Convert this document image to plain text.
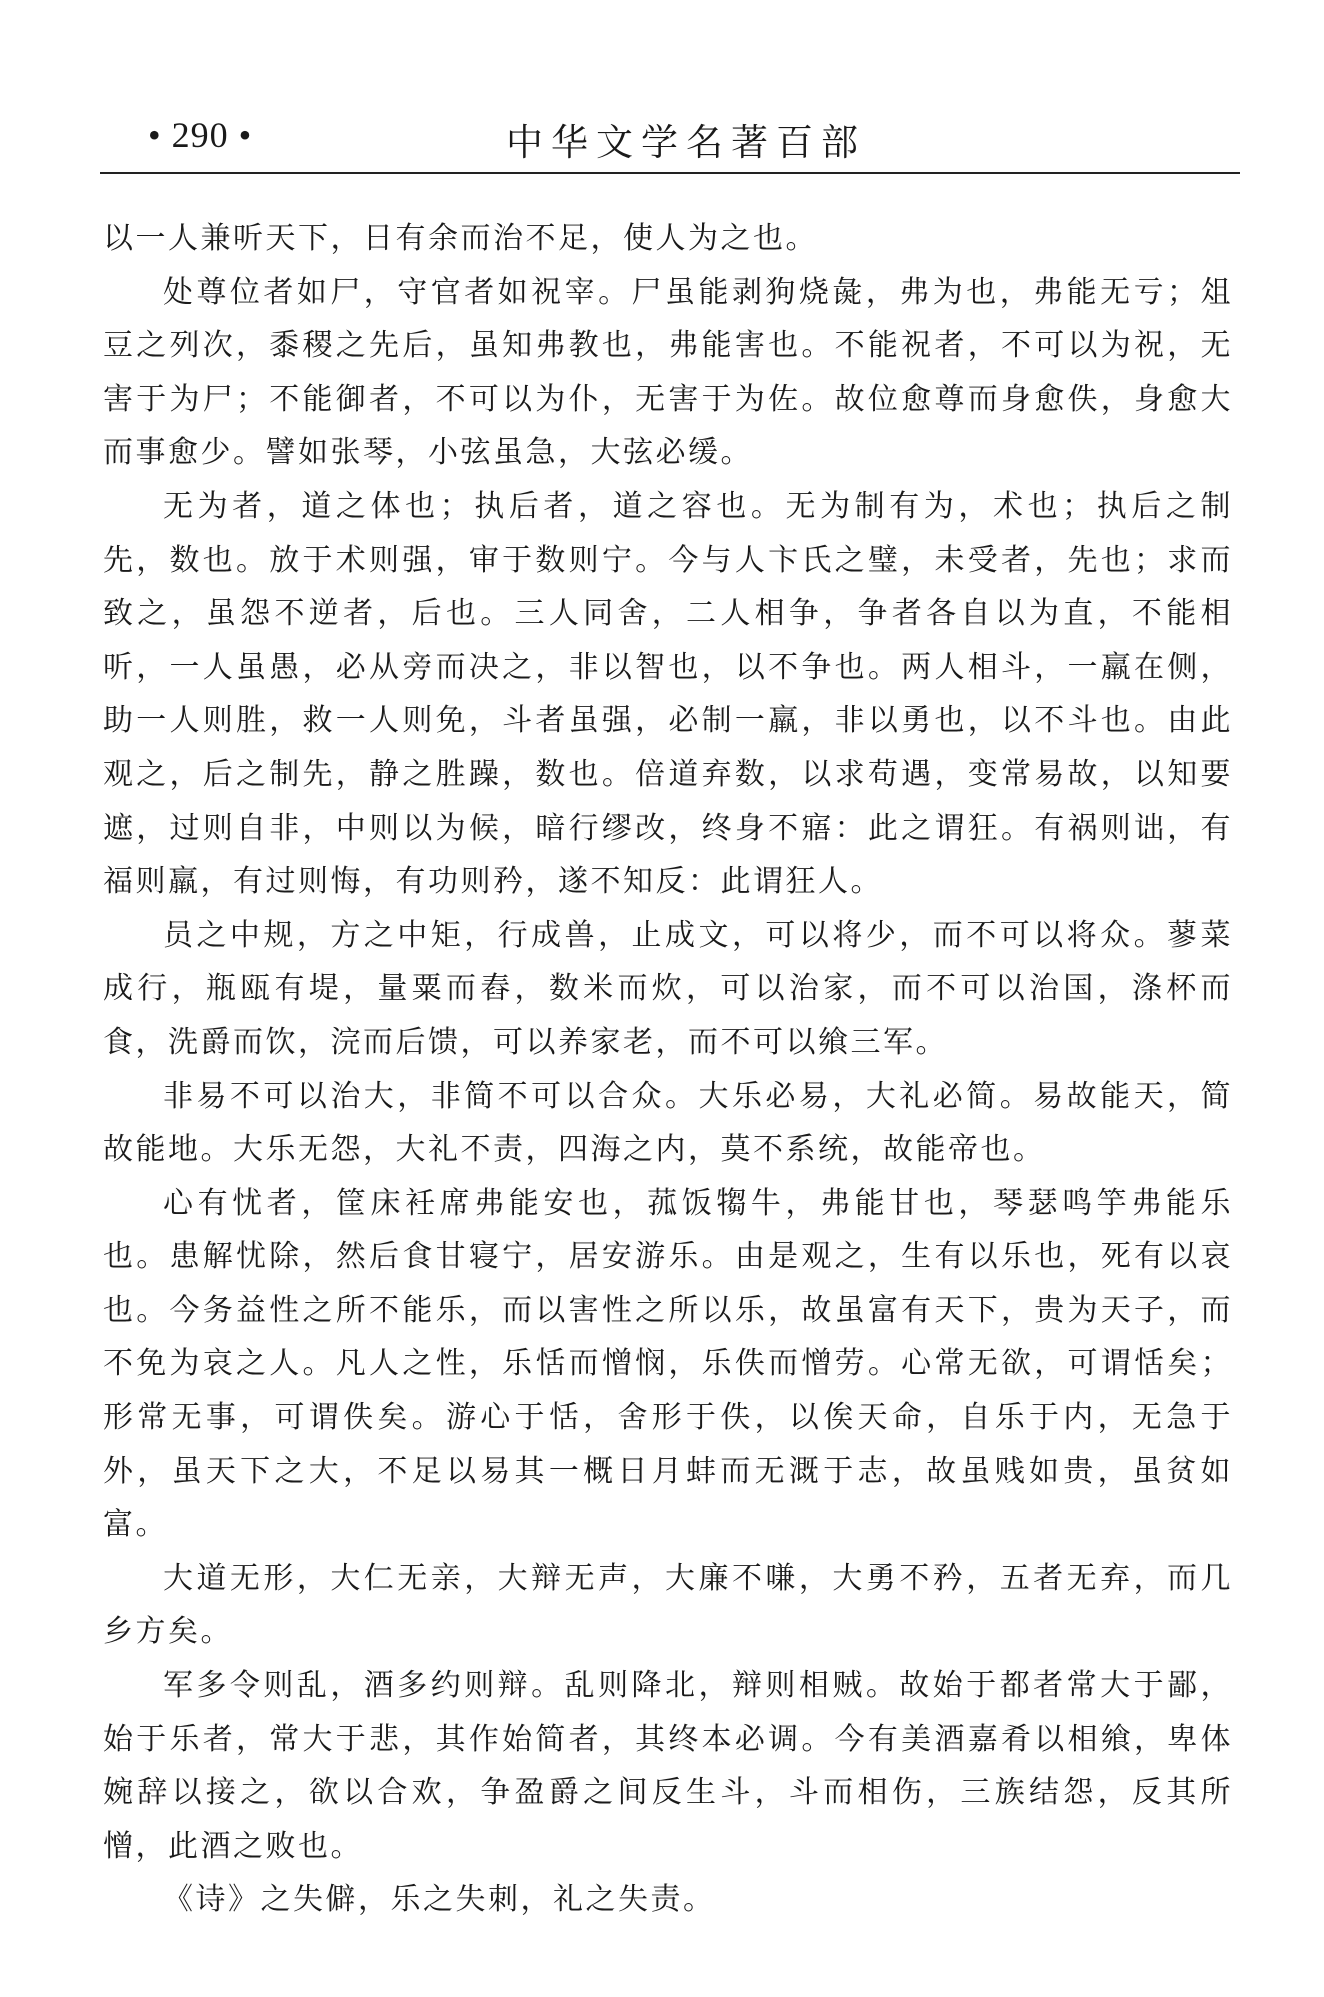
• 290 •	中华文学名著百部

以一人兼听天下，日有余而治不足，使人为之也。

处尊位者如尸，守官者如祝宰。尸虽能剥狗烧彘，弗为也，弗能无亏；俎豆之列次，黍稷之先后，虽知弗教也，弗能害也。不能祝者，不可以为祝，无害于为尸；不能御者，不可以为仆，无害于为佐。故位愈尊而身愈佚，身愈大而事愈少。譬如张琴，小弦虽急，大弦必缓。

无为者，道之体也；执后者，道之容也。无为制有为，术也；执后之制先，数也。放于术则强，审于数则宁。今与人卞氏之璧，未受者，先也；求而致之，虽怨不逆者，后也。三人同舍，二人相争，争者各自以为直，不能相听，一人虽愚，必从旁而决之，非以智也，以不争也。两人相斗，一羸在侧，助一人则胜，救一人则免，斗者虽强，必制一羸，非以勇也，以不斗也。由此观之，后之制先，静之胜躁，数也。倍道弃数，以求苟遇，变常易故，以知要遮，过则自非，中则以为候，暗行缪改，终身不寤：此之谓狂。有祸则诎，有福则羸，有过则悔，有功则矜，遂不知反：此谓狂人。

员之中规，方之中矩，行成兽，止成文，可以将少，而不可以将众。蓼菜成行，瓶瓯有堤，量粟而舂，数米而炊，可以治家，而不可以治国，涤杯而食，洗爵而饮，浣而后馈，可以养家老，而不可以飨三军。

非易不可以治大，非简不可以合众。大乐必易，大礼必简。易故能天，简故能地。大乐无怨，大礼不责，四海之内，莫不系统，故能帝也。

心有忧者，筐床衽席弗能安也，菰饭犓牛，弗能甘也，琴瑟鸣竽弗能乐也。患解忧除，然后食甘寝宁，居安游乐。由是观之，生有以乐也，死有以哀也。今务益性之所不能乐，而以害性之所以乐，故虽富有天下，贵为天子，而不免为哀之人。凡人之性，乐恬而憎悯，乐佚而憎劳。心常无欲，可谓恬矣；形常无事，可谓佚矣。游心于恬，舍形于佚，以俟天命，自乐于内，无急于外，虽天下之大，不足以易其一概日月蚌而无溉于志，故虽贱如贵，虽贫如富。

大道无形，大仁无亲，大辩无声，大廉不嗛，大勇不矜，五者无弃，而几乡方矣。

军多令则乱，酒多约则辩。乱则降北，辩则相贼。故始于都者常大于鄙，始于乐者，常大于悲，其作始简者，其终本必调。今有美酒嘉肴以相飨，卑体婉辞以接之，欲以合欢，争盈爵之间反生斗，斗而相伤，三族结怨，反其所憎，此酒之败也。

《诗》之失僻，乐之失刺，礼之失责。
